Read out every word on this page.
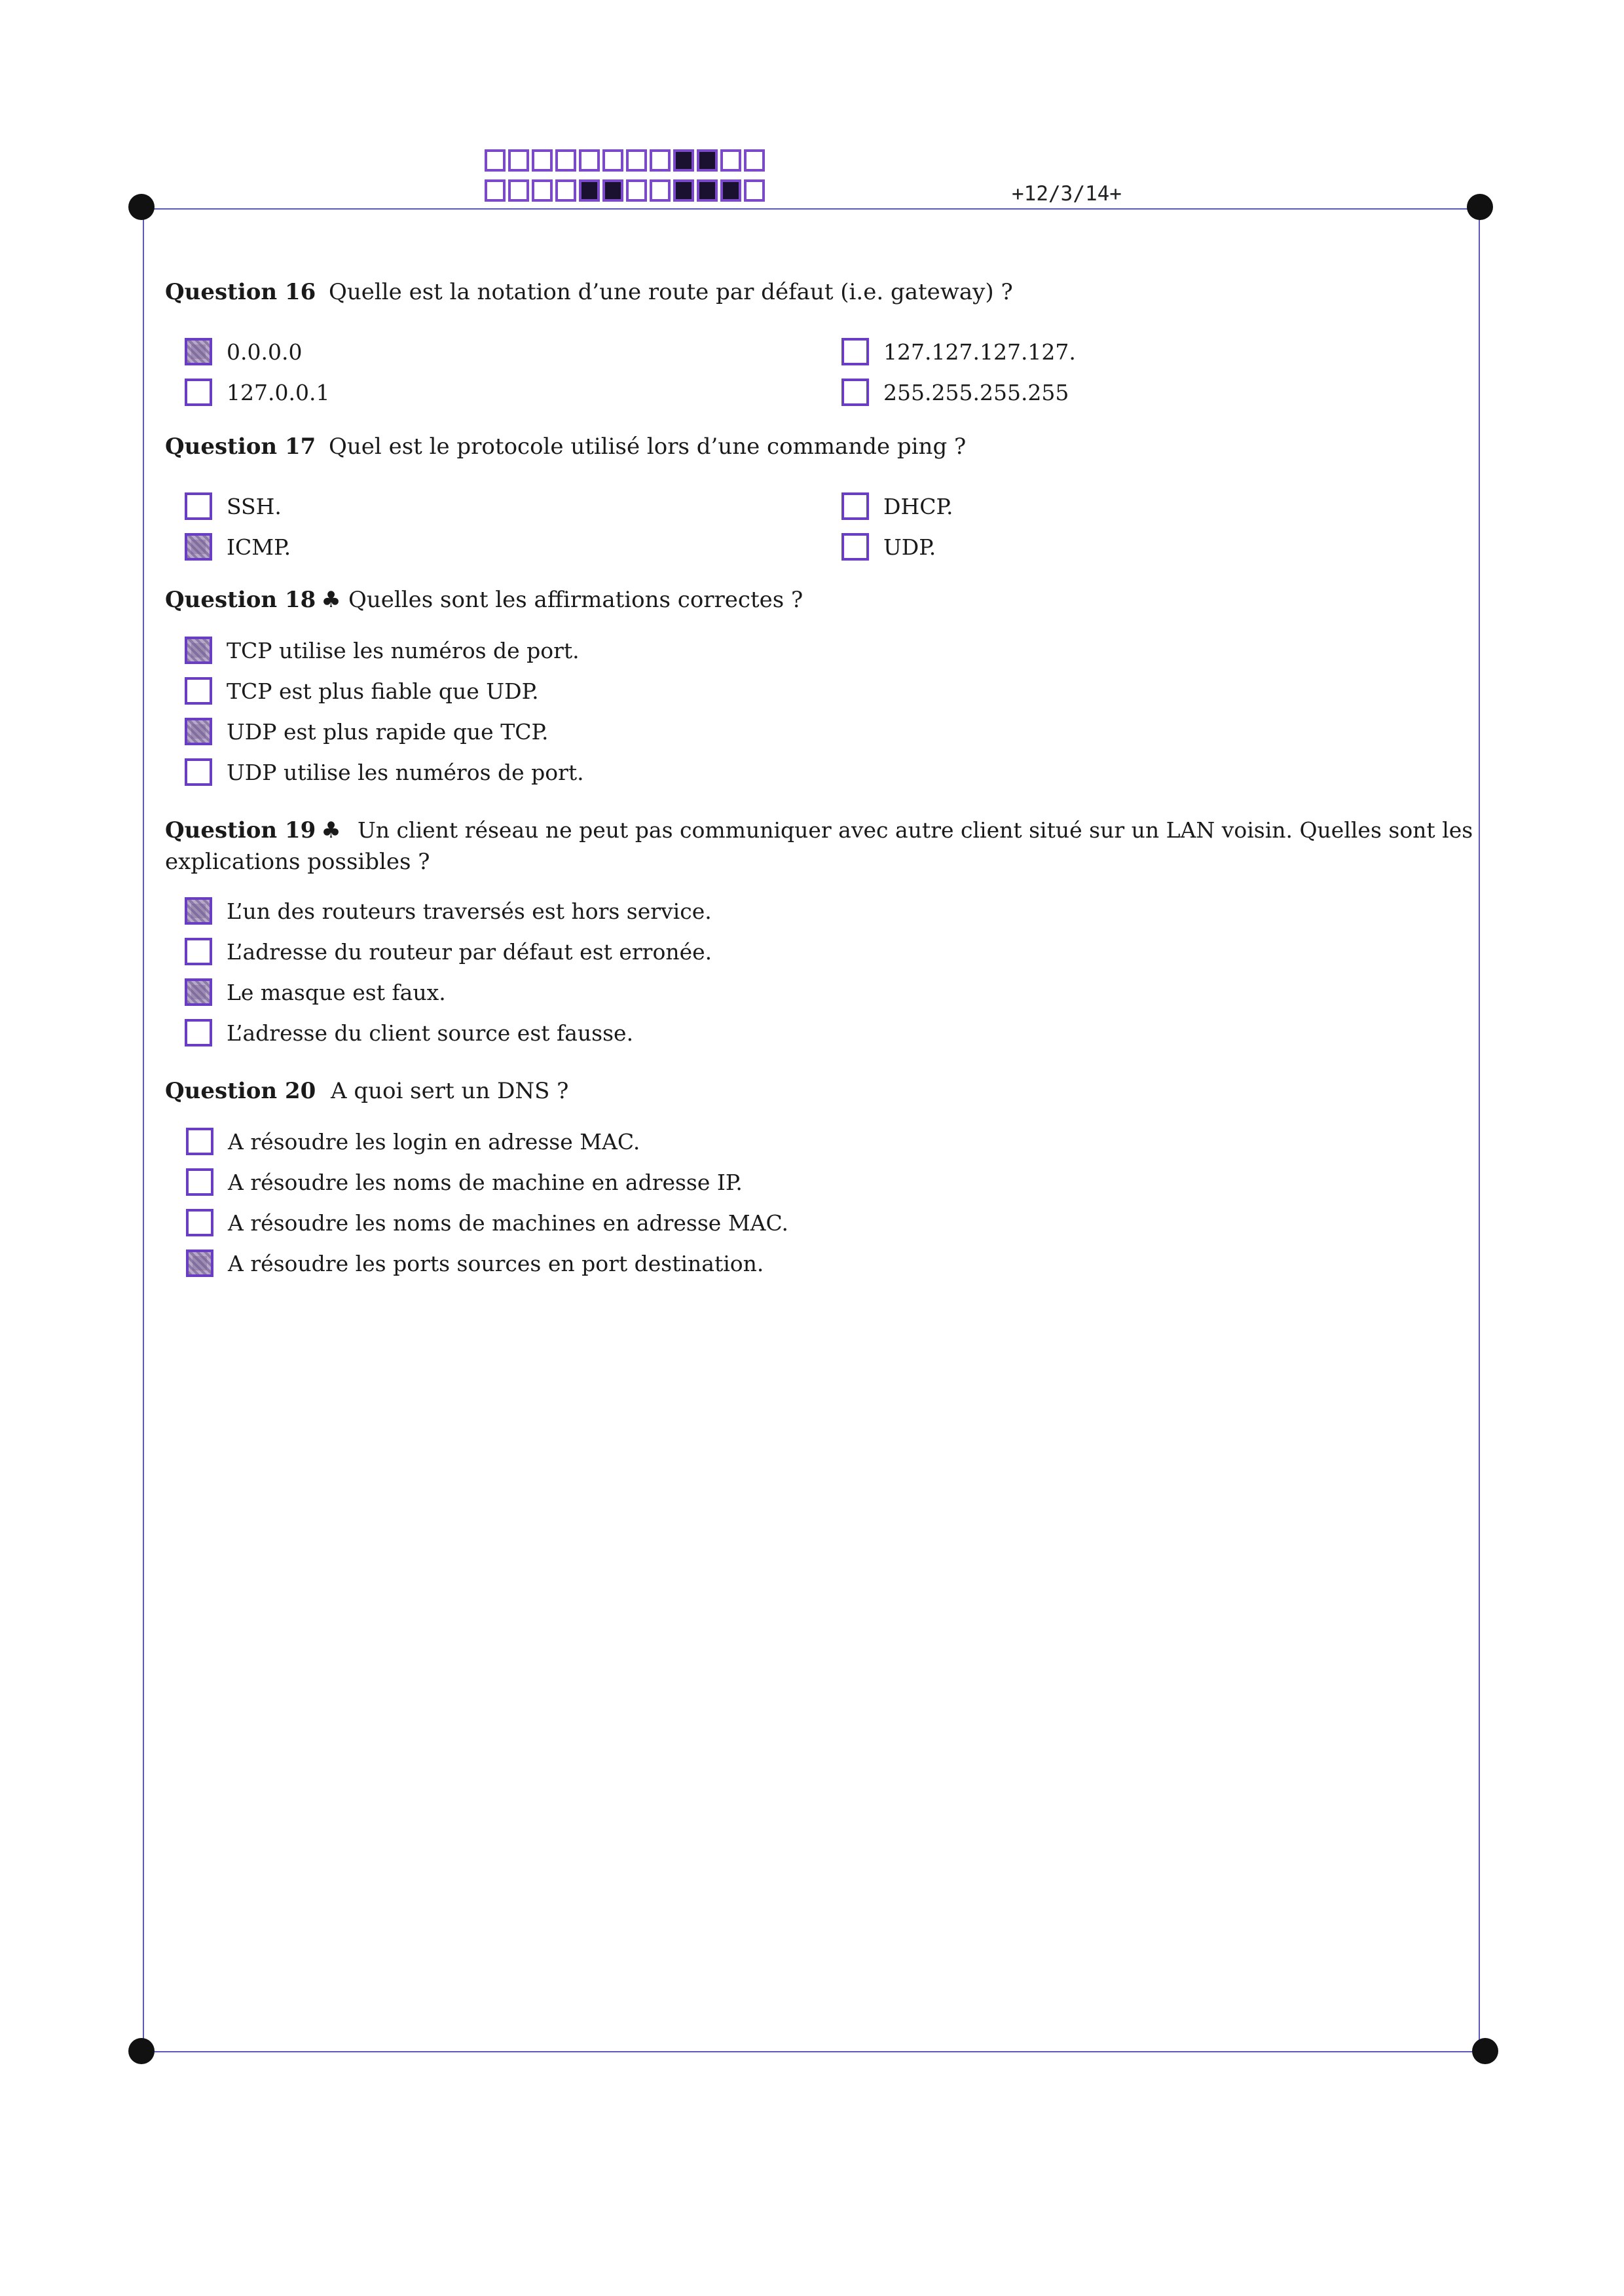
+12/3/14+
Question 16 Quelle est la notation d’une route par défaut (i.e. gateway) ?
0.0.0.0	127.127.127.127.
127.0.0.1	255.255.255.255
Question 17 Quel est le protocole utilisé lors d’une commande ping ?
SSH.	DHCP.
ICMP.	UDP.
Question 18 ♣ Quelles sont les affirmations correctes ?
TCP utilise les numéros de port.
TCP est plus fiable que UDP.
UDP est plus rapide que TCP.
UDP utilise les numéros de port.
Question 19 ♣ Un client réseau ne peut pas communiquer avec autre client situé sur un LAN voisin. Quelles sont les
explications possibles ?
L’un des routeurs traversés est hors service.
L’adresse du routeur par défaut est erronée.
Le masque est faux.
L’adresse du client source est fausse.
Question 20 A quoi sert un DNS ?
A résoudre les login en adresse MAC.
A résoudre les noms de machine en adresse IP.
A résoudre les noms de machines en adresse MAC.
A résoudre les ports sources en port destination.
